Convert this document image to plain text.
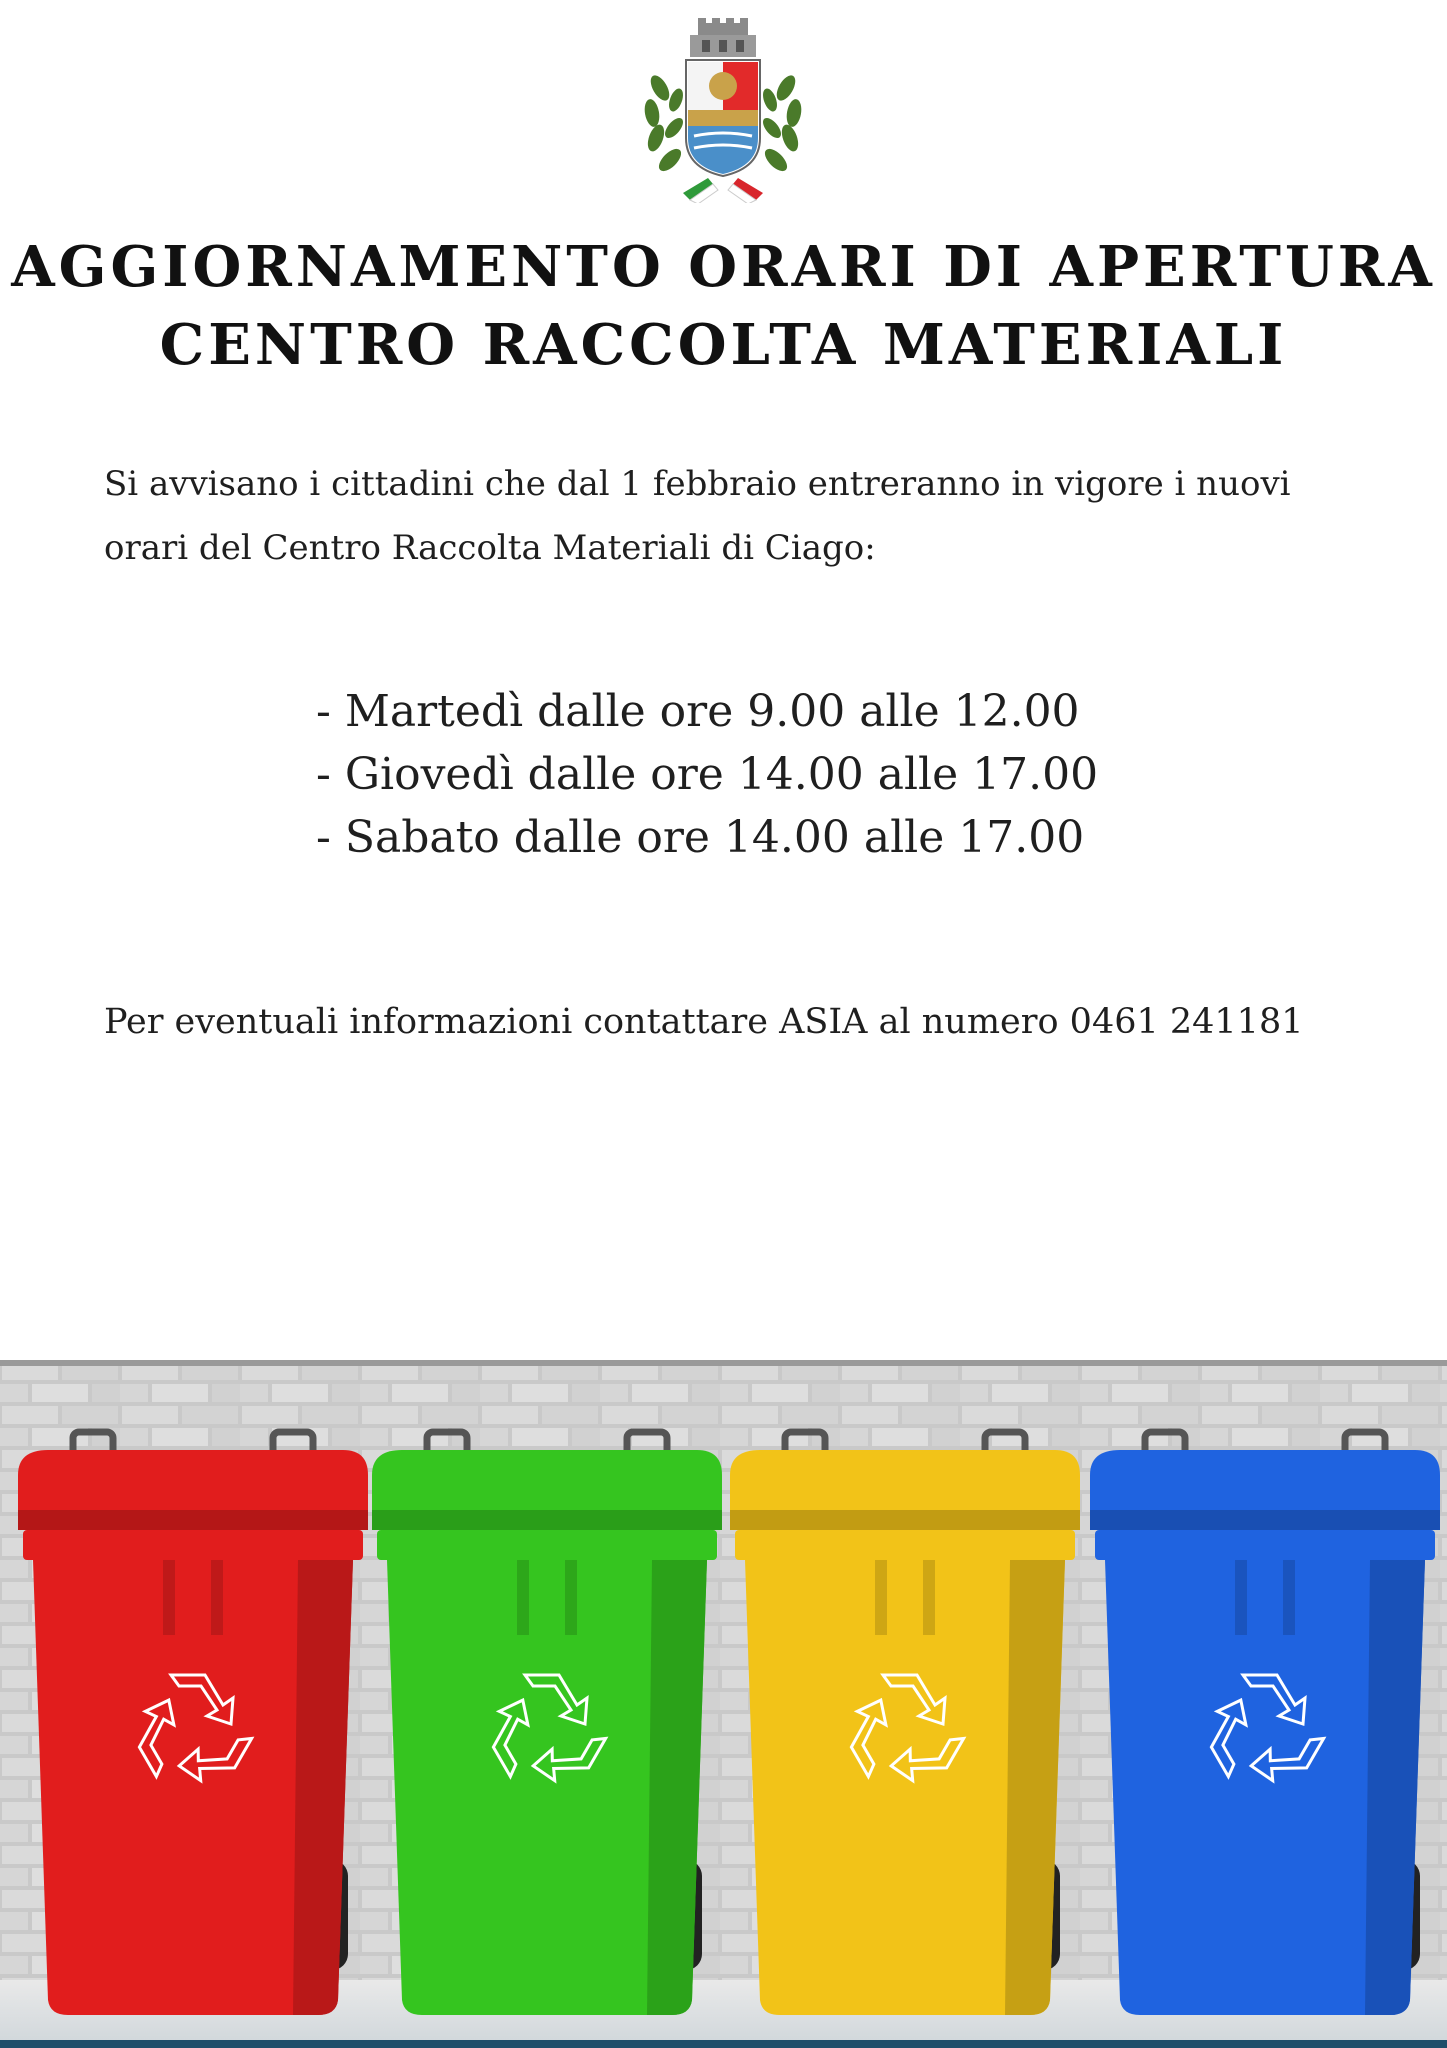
AGGIORNAMENTO ORARI DI APERTURA
CENTRO RACCOLTA MATERIALI
Si avvisano i cittadini che dal 1 febbraio entreranno in vigore i nuovi orari del Centro Raccolta Materiali di Ciago:
- Martedì dalle ore 9.00 alle 12.00
- Giovedì dalle ore 14.00 alle 17.00
- Sabato dalle ore 14.00 alle 17.00
Per eventuali informazioni contattare ASIA al numero 0461 241181
